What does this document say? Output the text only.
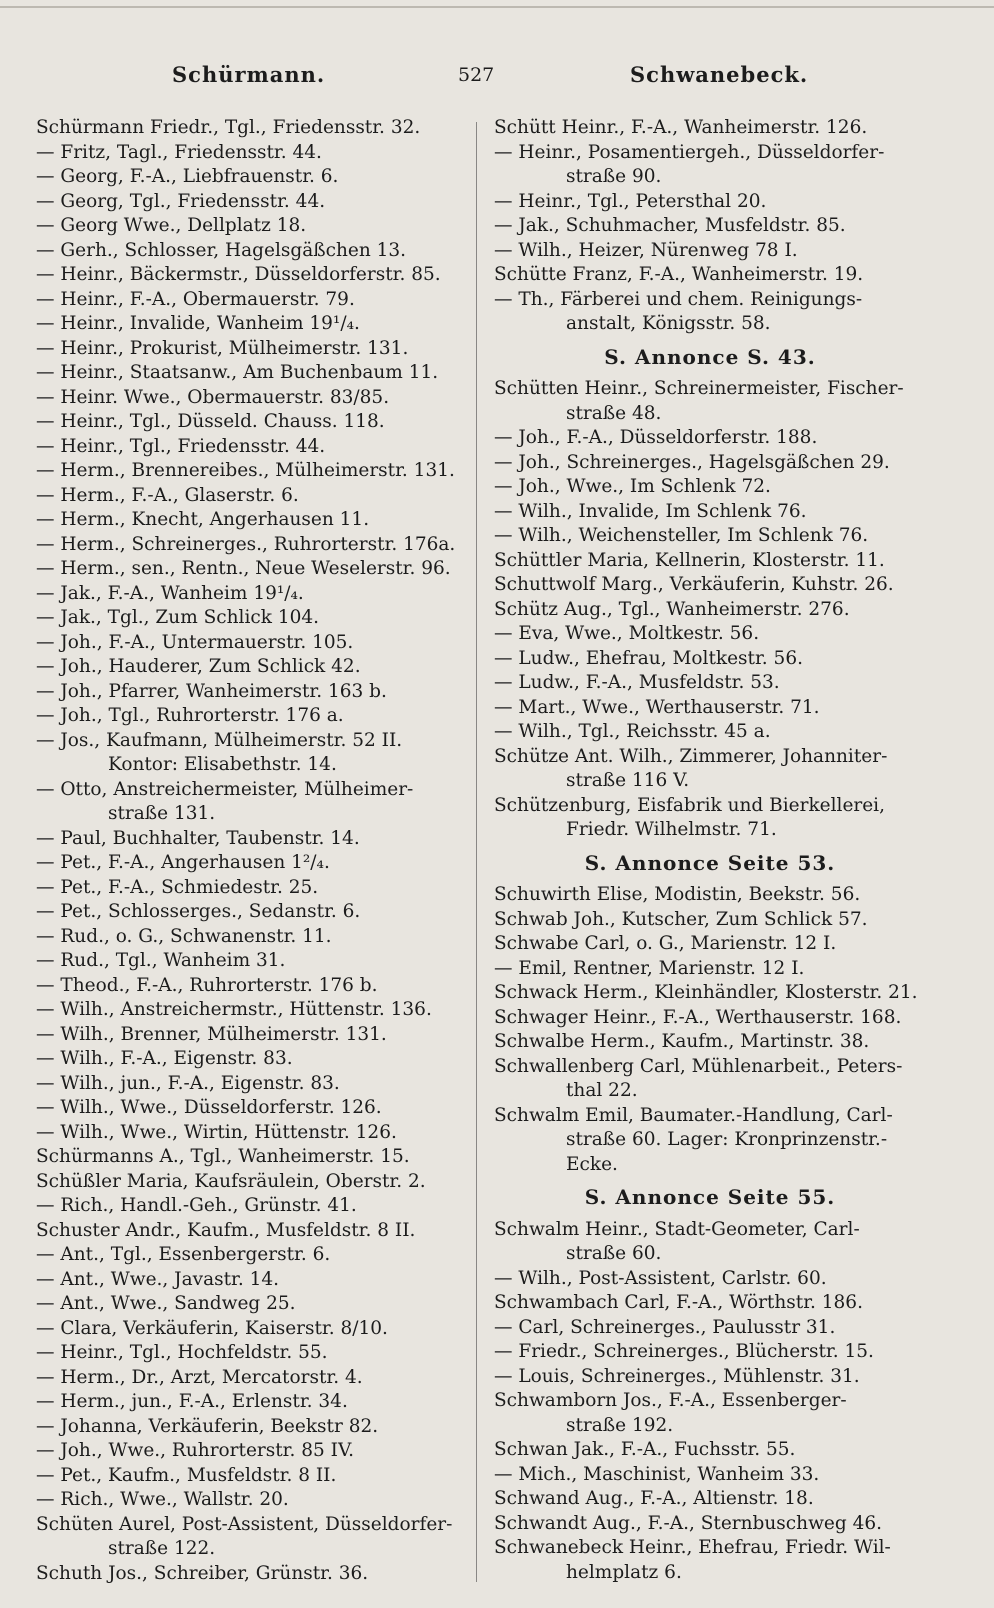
Schürmann.	527	Schwanebeck.
Schürmann Friedr., Tgl., Friedensstr. 32.
— Fritz, Tagl., Friedensstr. 44.
— Georg, F.-A., Liebfrauenstr. 6.
— Georg, Tgl., Friedensstr. 44.
— Georg Wwe., Dellplatz 18.
— Gerh., Schlosser, Hagelsgäßchen 13.
— Heinr., Bäckermstr., Düsseldorferstr. 85.
— Heinr., F.-A., Obermauerstr. 79.
— Heinr., Invalide, Wanheim 19¹/₄.
— Heinr., Prokurist, Mülheimerstr. 131.
— Heinr., Staatsanw., Am Buchenbaum 11.
— Heinr. Wwe., Obermauerstr. 83/85.
— Heinr., Tgl., Düsseld. Chauss. 118.
— Heinr., Tgl., Friedensstr. 44.
— Herm., Brennereibes., Mülheimerstr. 131.
— Herm., F.-A., Glaserstr. 6.
— Herm., Knecht, Angerhausen 11.
— Herm., Schreinerges., Ruhrorterstr. 176a.
— Herm., sen., Rentn., Neue Weselerstr. 96.
— Jak., F.-A., Wanheim 19¹/₄.
— Jak., Tgl., Zum Schlick 104.
— Joh., F.-A., Untermauerstr. 105.
— Joh., Hauderer, Zum Schlick 42.
— Joh., Pfarrer, Wanheimerstr. 163 b.
— Joh., Tgl., Ruhrorterstr. 176 a.
— Jos., Kaufmann, Mülheimerstr. 52 II.
Kontor: Elisabethstr. 14.
— Otto, Anstreichermeister, Mülheimer-
straße 131.
— Paul, Buchhalter, Taubenstr. 14.
— Pet., F.-A., Angerhausen 1²/₄.
— Pet., F.-A., Schmiedestr. 25.
— Pet., Schlosserges., Sedanstr. 6.
— Rud., o. G., Schwanenstr. 11.
— Rud., Tgl., Wanheim 31.
— Theod., F.-A., Ruhrorterstr. 176 b.
— Wilh., Anstreichermstr., Hüttenstr. 136.
— Wilh., Brenner, Mülheimerstr. 131.
— Wilh., F.-A., Eigenstr. 83.
— Wilh., jun., F.-A., Eigenstr. 83.
— Wilh., Wwe., Düsseldorferstr. 126.
— Wilh., Wwe., Wirtin, Hüttenstr. 126.
Schürmanns A., Tgl., Wanheimerstr. 15.
Schüßler Maria, Kaufsräulein, Oberstr. 2.
— Rich., Handl.-Geh., Grünstr. 41.
Schuster Andr., Kaufm., Musfeldstr. 8 II.
— Ant., Tgl., Essenbergerstr. 6.
— Ant., Wwe., Javastr. 14.
— Ant., Wwe., Sandweg 25.
— Clara, Verkäuferin, Kaiserstr. 8/10.
— Heinr., Tgl., Hochfeldstr. 55.
— Herm., Dr., Arzt, Mercatorstr. 4.
— Herm., jun., F.-A., Erlenstr. 34.
— Johanna, Verkäuferin, Beekstr 82.
— Joh., Wwe., Ruhrorterstr. 85 IV.
— Pet., Kaufm., Musfeldstr. 8 II.
— Rich., Wwe., Wallstr. 20.
Schüten Aurel, Post-Assistent, Düsseldorfer-
straße 122.
Schuth Jos., Schreiber, Grünstr. 36.
Schütt Heinr., F.-A., Wanheimerstr. 126.
— Heinr., Posamentiergeh., Düsseldorfer-
straße 90.
— Heinr., Tgl., Petersthal 20.
— Jak., Schuhmacher, Musfeldstr. 85.
— Wilh., Heizer, Nürenweg 78 I.
Schütte Franz, F.-A., Wanheimerstr. 19.
— Th., Färberei und chem. Reinigungs-
anstalt, Königsstr. 58.
S. Annonce S. 43.
Schütten Heinr., Schreinermeister, Fischer-
straße 48.
— Joh., F.-A., Düsseldorferstr. 188.
— Joh., Schreinerges., Hagelsgäßchen 29.
— Joh., Wwe., Im Schlenk 72.
— Wilh., Invalide, Im Schlenk 76.
— Wilh., Weichensteller, Im Schlenk 76.
Schüttler Maria, Kellnerin, Klosterstr. 11.
Schuttwolf Marg., Verkäuferin, Kuhstr. 26.
Schütz Aug., Tgl., Wanheimerstr. 276.
— Eva, Wwe., Moltkestr. 56.
— Ludw., Ehefrau, Moltkestr. 56.
— Ludw., F.-A., Musfeldstr. 53.
— Mart., Wwe., Werthauserstr. 71.
— Wilh., Tgl., Reichsstr. 45 a.
Schütze Ant. Wilh., Zimmerer, Johanniter-
straße 116 V.
Schützenburg, Eisfabrik und Bierkellerei,
Friedr. Wilhelmstr. 71.
S. Annonce Seite 53.
Schuwirth Elise, Modistin, Beekstr. 56.
Schwab Joh., Kutscher, Zum Schlick 57.
Schwabe Carl, o. G., Marienstr. 12 I.
— Emil, Rentner, Marienstr. 12 I.
Schwack Herm., Kleinhändler, Klosterstr. 21.
Schwager Heinr., F.-A., Werthauserstr. 168.
Schwalbe Herm., Kaufm., Martinstr. 38.
Schwallenberg Carl, Mühlenarbeit., Peters-
thal 22.
Schwalm Emil, Baumater.-Handlung, Carl-
straße 60. Lager: Kronprinzenstr.-
Ecke.
S. Annonce Seite 55.
Schwalm Heinr., Stadt-Geometer, Carl-
straße 60.
— Wilh., Post-Assistent, Carlstr. 60.
Schwambach Carl, F.-A., Wörthstr. 186.
— Carl, Schreinerges., Paulusstr 31.
— Friedr., Schreinerges., Blücherstr. 15.
— Louis, Schreinerges., Mühlenstr. 31.
Schwamborn Jos., F.-A., Essenberger-
straße 192.
Schwan Jak., F.-A., Fuchsstr. 55.
— Mich., Maschinist, Wanheim 33.
Schwand Aug., F.-A., Altienstr. 18.
Schwandt Aug., F.-A., Sternbuschweg 46.
Schwanebeck Heinr., Ehefrau, Friedr. Wil-
helmplatz 6.
